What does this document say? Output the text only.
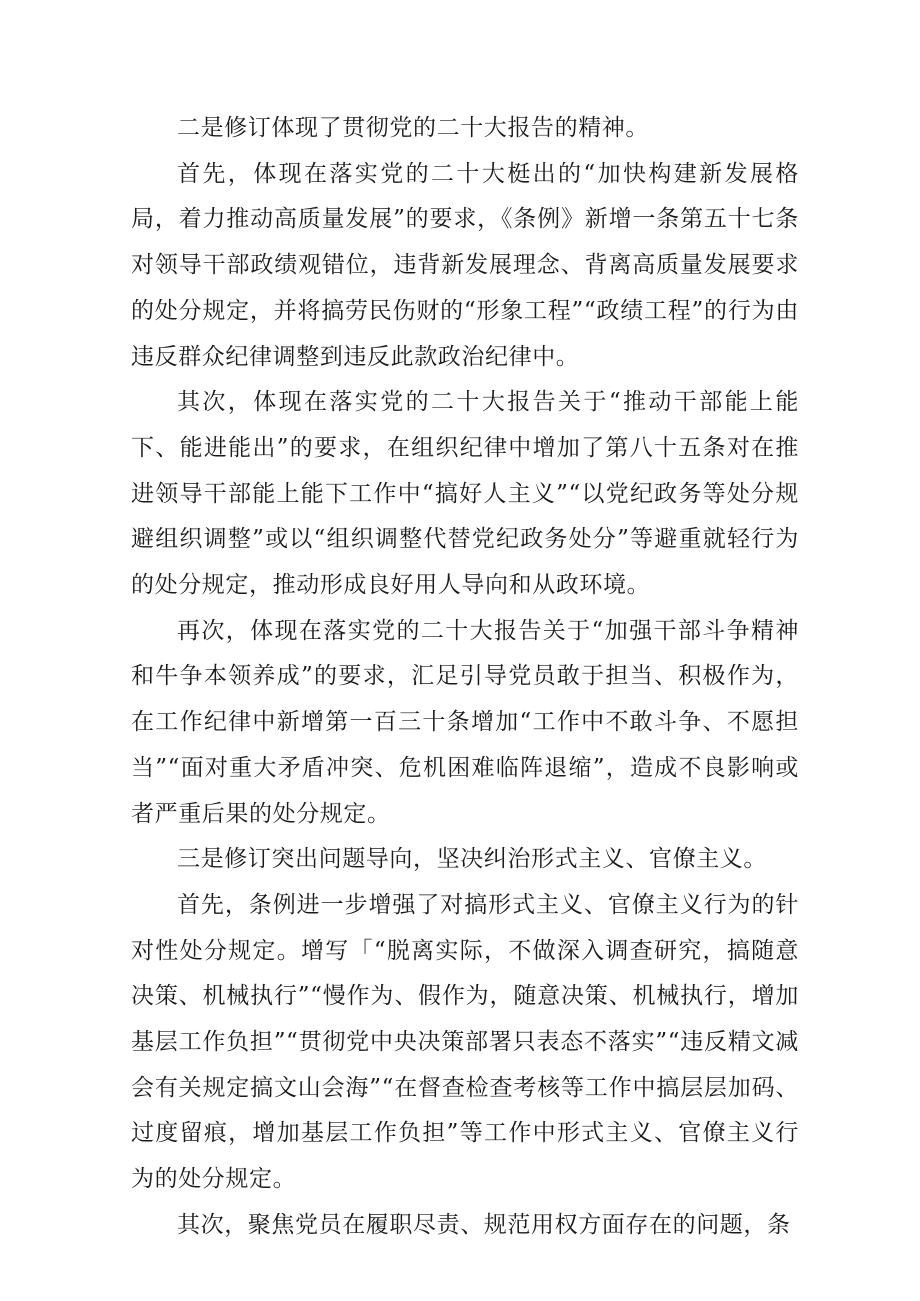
二是修订体现了贯彻党的二十大报告的精神。

首先，体现在落实党的二十大梃出的“加快构建新发展格局，着力推动高质量发展”的要求，《条例》新增一条第五十七条对领导干部政绩观错位，违背新发展理念、背离高质量发展要求的处分规定，并将搞劳民伤财的“形象工程”“政绩工程”的行为由违反群众纪律调整到违反此款政治纪律中。

其次，体现在落实党的二十大报告关于“推动干部能上能下、能进能出”的要求，在组织纪律中增加了第八十五条对在推进领导干部能上能下工作中“搞好人主义”“以党纪政务等处分规避组织调整”或以“组织调整代替党纪政务处分”等避重就轻行为的处分规定，推动形成良好用人导向和从政环境。

再次，体现在落实党的二十大报告关于“加强干部斗争精神和牛争本领养成”的要求，汇足引导党员敢于担当、积极作为，在工作纪律中新增第一百三十条增加“工作中不敢斗争、不愿担当”“面对重大矛盾冲突、危机困难临阵退缩”，造成不良影响或者严重后果的处分规定。

三是修订突出问题导向，坚决纠治形式主义、官僚主义。

首先，条例进一步增强了对搞形式主义、官僚主义行为的针对性处分规定。增写「“脱离实际，不做深入调查研究，搞随意决策、机械执行”“慢作为、假作为，随意决策、机械执行，增加基层工作负担”“贯彻党中央决策部署只表态不落实”“违反精文减会有关规定搞文山会海”“在督查检查考核等工作中搞层层加码、过度留痕，增加基层工作负担”等工作中形式主义、官僚主义行为的处分规定。

其次，聚焦党员在履职尽责、规范用权方面存在的问题，条
